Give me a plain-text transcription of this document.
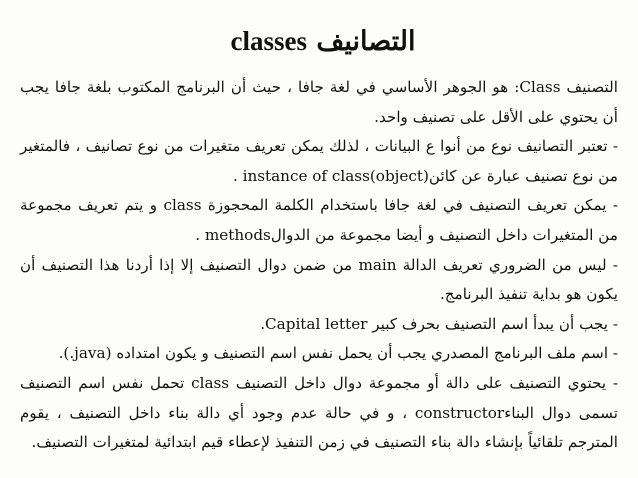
التصانيف classes

التصنيف Class: هو الجوهر الأساسي في لغة جافا ، حيث أن البرنامج المكتوب بلغة جافا يجب أن يحتوي على الأقل على تصنيف واحد.

- تعتبر التصانيف نوع من أنوا ع البيانات ، لذلك يمكن تعريف متغيرات من نوع تصانيف ، فالمتغير من نوع تصنيف عبارة عن كائن(instance of class(object .

- يمكن تعريف التصنيف في لغة جافا باستخدام الكلمة المحجوزة class و يتم تعريف مجموعة من المتغيرات داخل التصنيف و أيضا مجموعة من الدوالmethods .

- ليس من الضروري تعريف الدالة main من ضمن دوال التصنيف إلا إذا أردنا هذا التصنيف أن يكون هو بداية تنفيذ البرنامج.

- يجب أن يبدأ اسم التصنيف بحرف كبير Capital letter.

- اسم ملف البرنامج المصدري يجب أن يحمل نفس اسم التصنيف و يكون امتداده (java.).

- يحتوي التصنيف على دالة أو مجموعة دوال داخل التصنيف class تحمل نفس اسم التصنيف تسمى دوال البناءconstructor ، و في حالة عدم وجود أي دالة بناء داخل التصنيف ، يقوم المترجم تلقائياً بإنشاء دالة بناء التصنيف في زمن التنفيذ لإعطاء قيم ابتدائية لمتغيرات التصنيف.
